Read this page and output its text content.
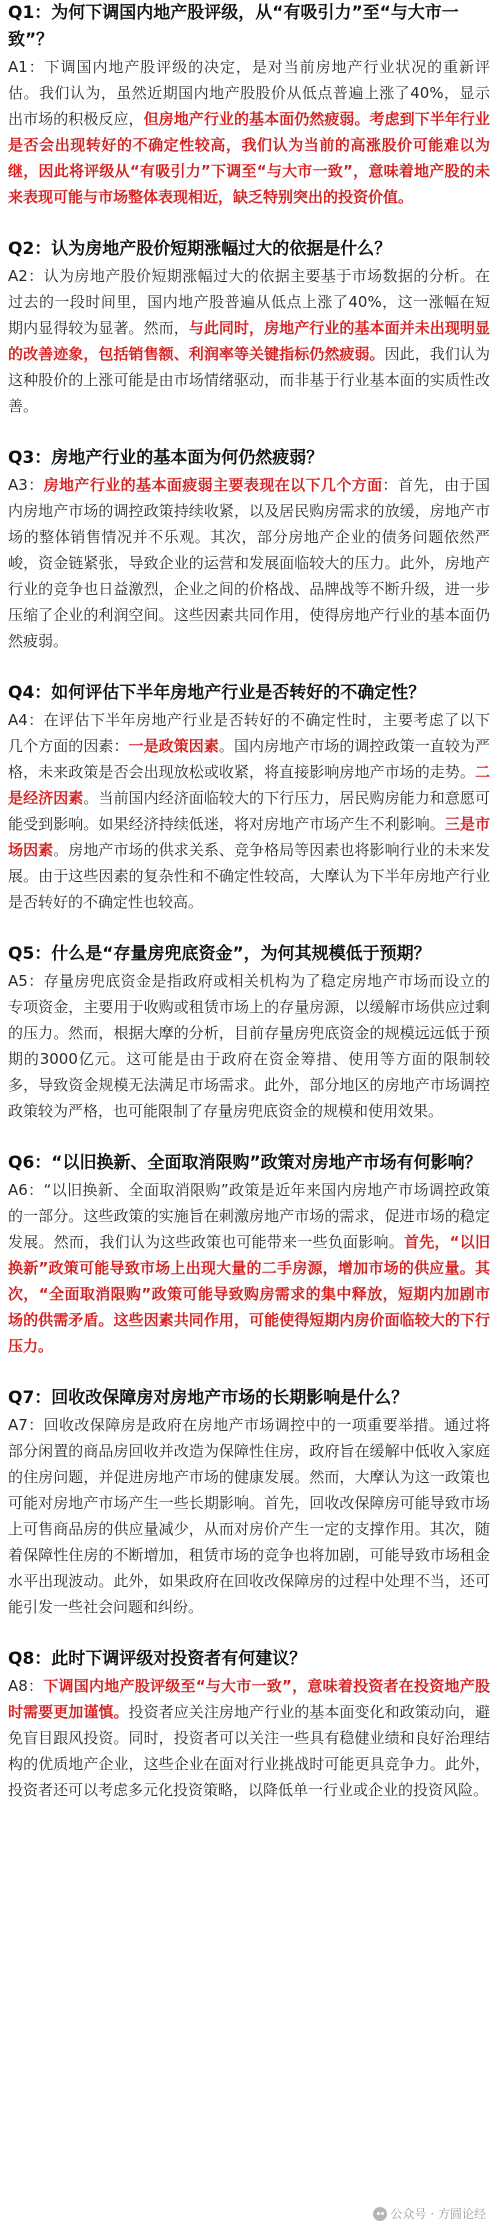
Q1：为何下调国内地产股评级，从“有吸引力”至“与大市一致”？

A1：下调国内地产股评级的决定，是对当前房地产行业状况的重新评估。我们认为，虽然近期国内地产股股价从低点普遍上涨了40%，显示出市场的积极反应，但房地产行业的基本面仍然疲弱。考虑到下半年行业是否会出现转好的不确定性较高，我们认为当前的高涨股价可能难以为继，因此将评级从“有吸引力”下调至“与大市一致”，意味着地产股的未来表现可能与市场整体表现相近，缺乏特别突出的投资价值。

Q2：认为房地产股价短期涨幅过大的依据是什么？

A2：认为房地产股价短期涨幅过大的依据主要基于市场数据的分析。在过去的一段时间里，国内地产股普遍从低点上涨了40%，这一涨幅在短期内显得较为显著。然而，与此同时，房地产行业的基本面并未出现明显的改善迹象，包括销售额、利润率等关键指标仍然疲弱。因此，我们认为这种股价的上涨可能是由市场情绪驱动，而非基于行业基本面的实质性改善。

Q3：房地产行业的基本面为何仍然疲弱？

A3：房地产行业的基本面疲弱主要表现在以下几个方面：首先，由于国内房地产市场的调控政策持续收紧，以及居民购房需求的放缓，房地产市场的整体销售情况并不乐观。其次，部分房地产企业的债务问题依然严峻，资金链紧张，导致企业的运营和发展面临较大的压力。此外，房地产行业的竞争也日益激烈，企业之间的价格战、品牌战等不断升级，进一步压缩了企业的利润空间。这些因素共同作用，使得房地产行业的基本面仍然疲弱。

Q4：如何评估下半年房地产行业是否转好的不确定性？

A4：在评估下半年房地产行业是否转好的不确定性时，主要考虑了以下几个方面的因素：一是政策因素。国内房地产市场的调控政策一直较为严格，未来政策是否会出现放松或收紧，将直接影响房地产市场的走势。二是经济因素。当前国内经济面临较大的下行压力，居民购房能力和意愿可能受到影响。如果经济持续低迷，将对房地产市场产生不利影响。三是市场因素。房地产市场的供求关系、竞争格局等因素也将影响行业的未来发展。由于这些因素的复杂性和不确定性较高，大摩认为下半年房地产行业是否转好的不确定性也较高。

Q5：什么是“存量房兜底资金”，为何其规模低于预期？

A5：存量房兜底资金是指政府或相关机构为了稳定房地产市场而设立的专项资金，主要用于收购或租赁市场上的存量房源，以缓解市场供应过剩的压力。然而，根据大摩的分析，目前存量房兜底资金的规模远远低于预期的3000亿元。这可能是由于政府在资金筹措、使用等方面的限制较多，导致资金规模无法满足市场需求。此外，部分地区的房地产市场调控政策较为严格，也可能限制了存量房兜底资金的规模和使用效果。

Q6：“以旧换新、全面取消限购”政策对房地产市场有何影响？

A6：“以旧换新、全面取消限购”政策是近年来国内房地产市场调控政策的一部分。这些政策的实施旨在刺激房地产市场的需求，促进市场的稳定发展。然而，我们认为这些政策也可能带来一些负面影响。首先，“以旧换新”政策可能导致市场上出现大量的二手房源，增加市场的供应量。其次，“全面取消限购”政策可能导致购房需求的集中释放，短期内加剧市场的供需矛盾。这些因素共同作用，可能使得短期内房价面临较大的下行压力。

Q7：回收改保障房对房地产市场的长期影响是什么？

A7：回收改保障房是政府在房地产市场调控中的一项重要举措。通过将部分闲置的商品房回收并改造为保障性住房，政府旨在缓解中低收入家庭的住房问题，并促进房地产市场的健康发展。然而，大摩认为这一政策也可能对房地产市场产生一些长期影响。首先，回收改保障房可能导致市场上可售商品房的供应量减少，从而对房价产生一定的支撑作用。其次，随着保障性住房的不断增加，租赁市场的竞争也将加剧，可能导致市场租金水平出现波动。此外，如果政府在回收改保障房的过程中处理不当，还可能引发一些社会问题和纠纷。

Q8：此时下调评级对投资者有何建议？

A8：下调国内地产股评级至“与大市一致”，意味着投资者在投资地产股时需要更加谨慎。投资者应关注房地产行业的基本面变化和政策动向，避免盲目跟风投资。同时，投资者可以关注一些具有稳健业绩和良好治理结构的优质地产企业，这些企业在面对行业挑战时可能更具竞争力。此外，投资者还可以考虑多元化投资策略，以降低单一行业或企业的投资风险。

公众号 · 方圆论经
